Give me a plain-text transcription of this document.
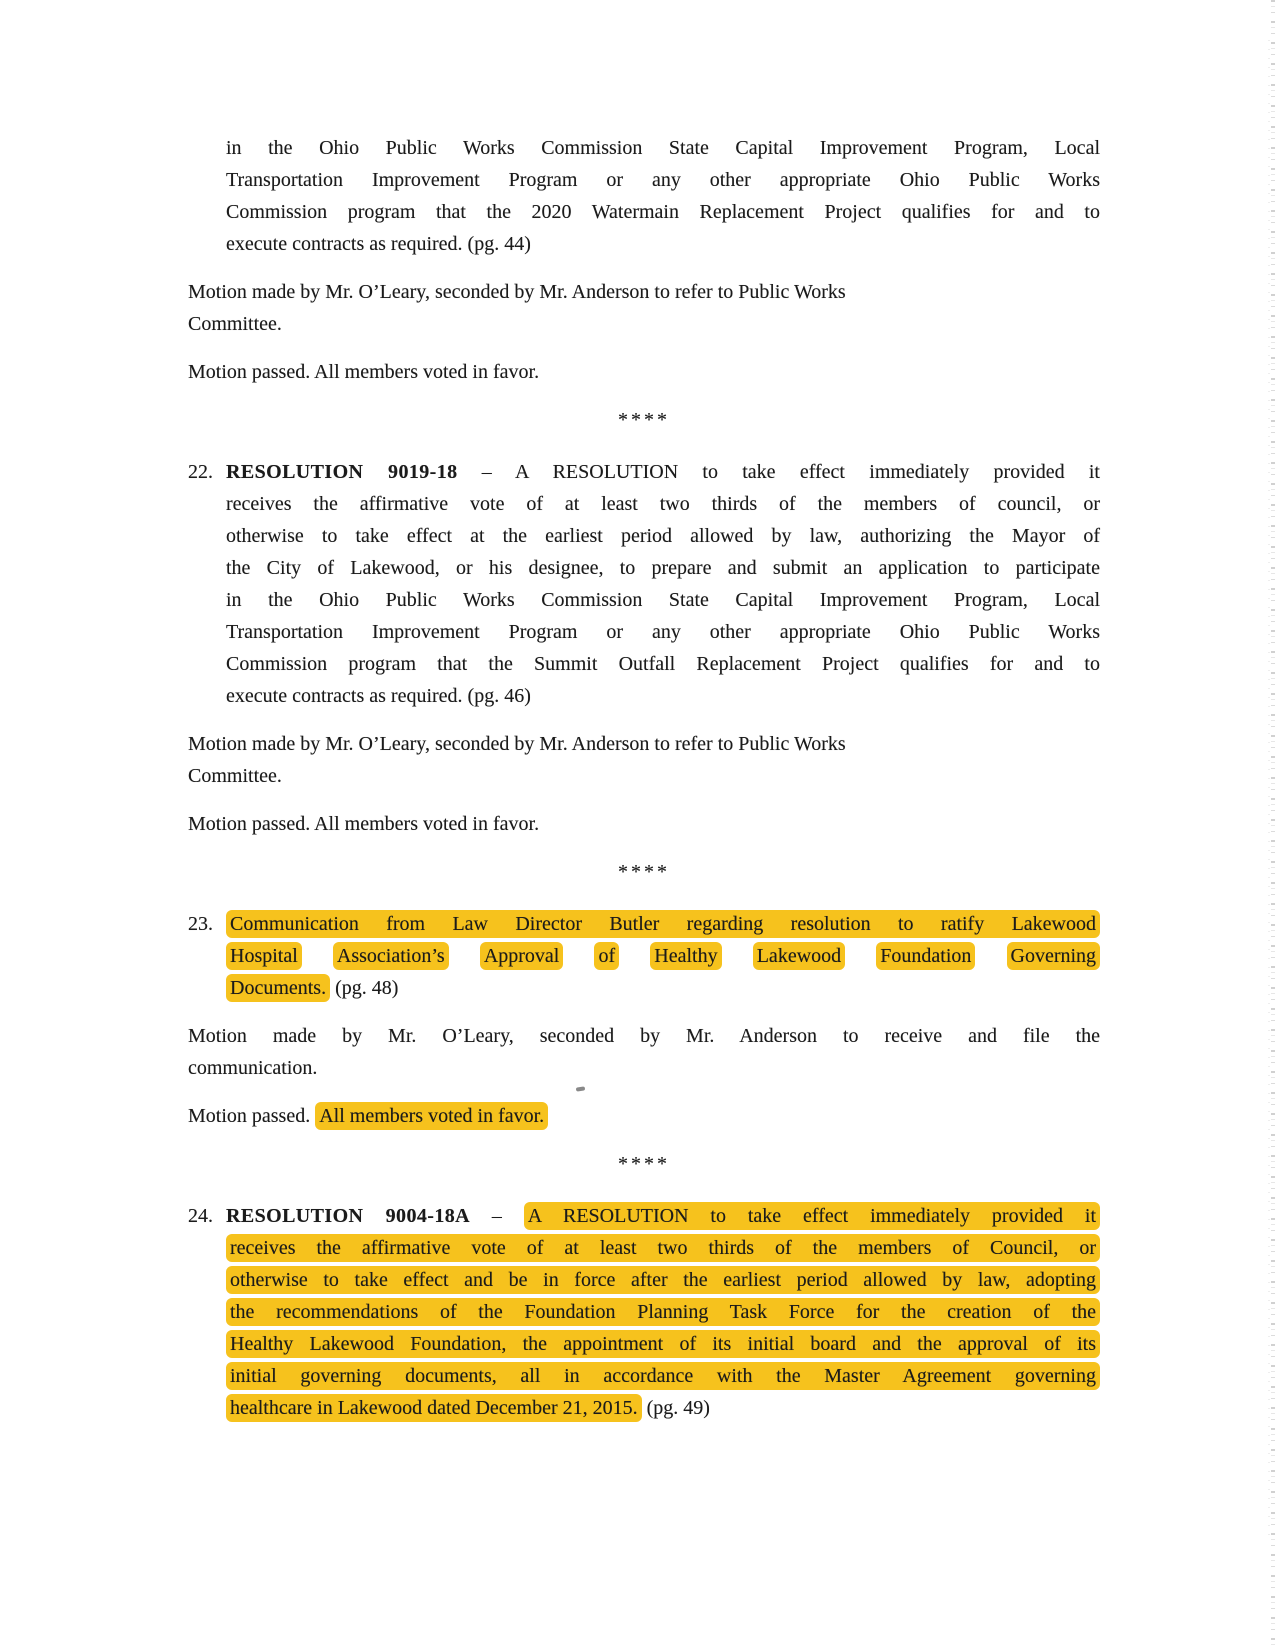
in the Ohio Public Works Commission State Capital Improvement Program, Local
Transportation Improvement Program or any other appropriate Ohio Public Works
Commission program that the 2020 Watermain Replacement Project qualifies for and to
execute contracts as required. (pg. 44)
Motion made by Mr. O’Leary, seconded by Mr. Anderson to refer to Public Works
Committee.
Motion passed. All members voted in favor.
****
22. RESOLUTION 9019-18 – A RESOLUTION to take effect immediately provided it
receives the affirmative vote of at least two thirds of the members of council, or
otherwise to take effect at the earliest period allowed by law, authorizing the Mayor of
the City of Lakewood, or his designee, to prepare and submit an application to participate
in the Ohio Public Works Commission State Capital Improvement Program, Local
Transportation Improvement Program or any other appropriate Ohio Public Works
Commission program that the Summit Outfall Replacement Project qualifies for and to
execute contracts as required. (pg. 46)
Motion made by Mr. O’Leary, seconded by Mr. Anderson to refer to Public Works
Committee.
Motion passed. All members voted in favor.
****
23. Communication from Law Director Butler regarding resolution to ratify Lakewood
Hospital Association’s Approval of Healthy Lakewood Foundation Governing
Documents. (pg. 48)
Motion made by Mr. O’Leary, seconded by Mr. Anderson to receive and file the
communication.
Motion passed. All members voted in favor.
****
24. RESOLUTION 9004-18A – A RESOLUTION to take effect immediately provided it
receives the affirmative vote of at least two thirds of the members of Council, or
otherwise to take effect and be in force after the earliest period allowed by law, adopting
the recommendations of the Foundation Planning Task Force for the creation of the
Healthy Lakewood Foundation, the appointment of its initial board and the approval of its
initial governing documents, all in accordance with the Master Agreement governing
healthcare in Lakewood dated December 21, 2015. (pg. 49)
